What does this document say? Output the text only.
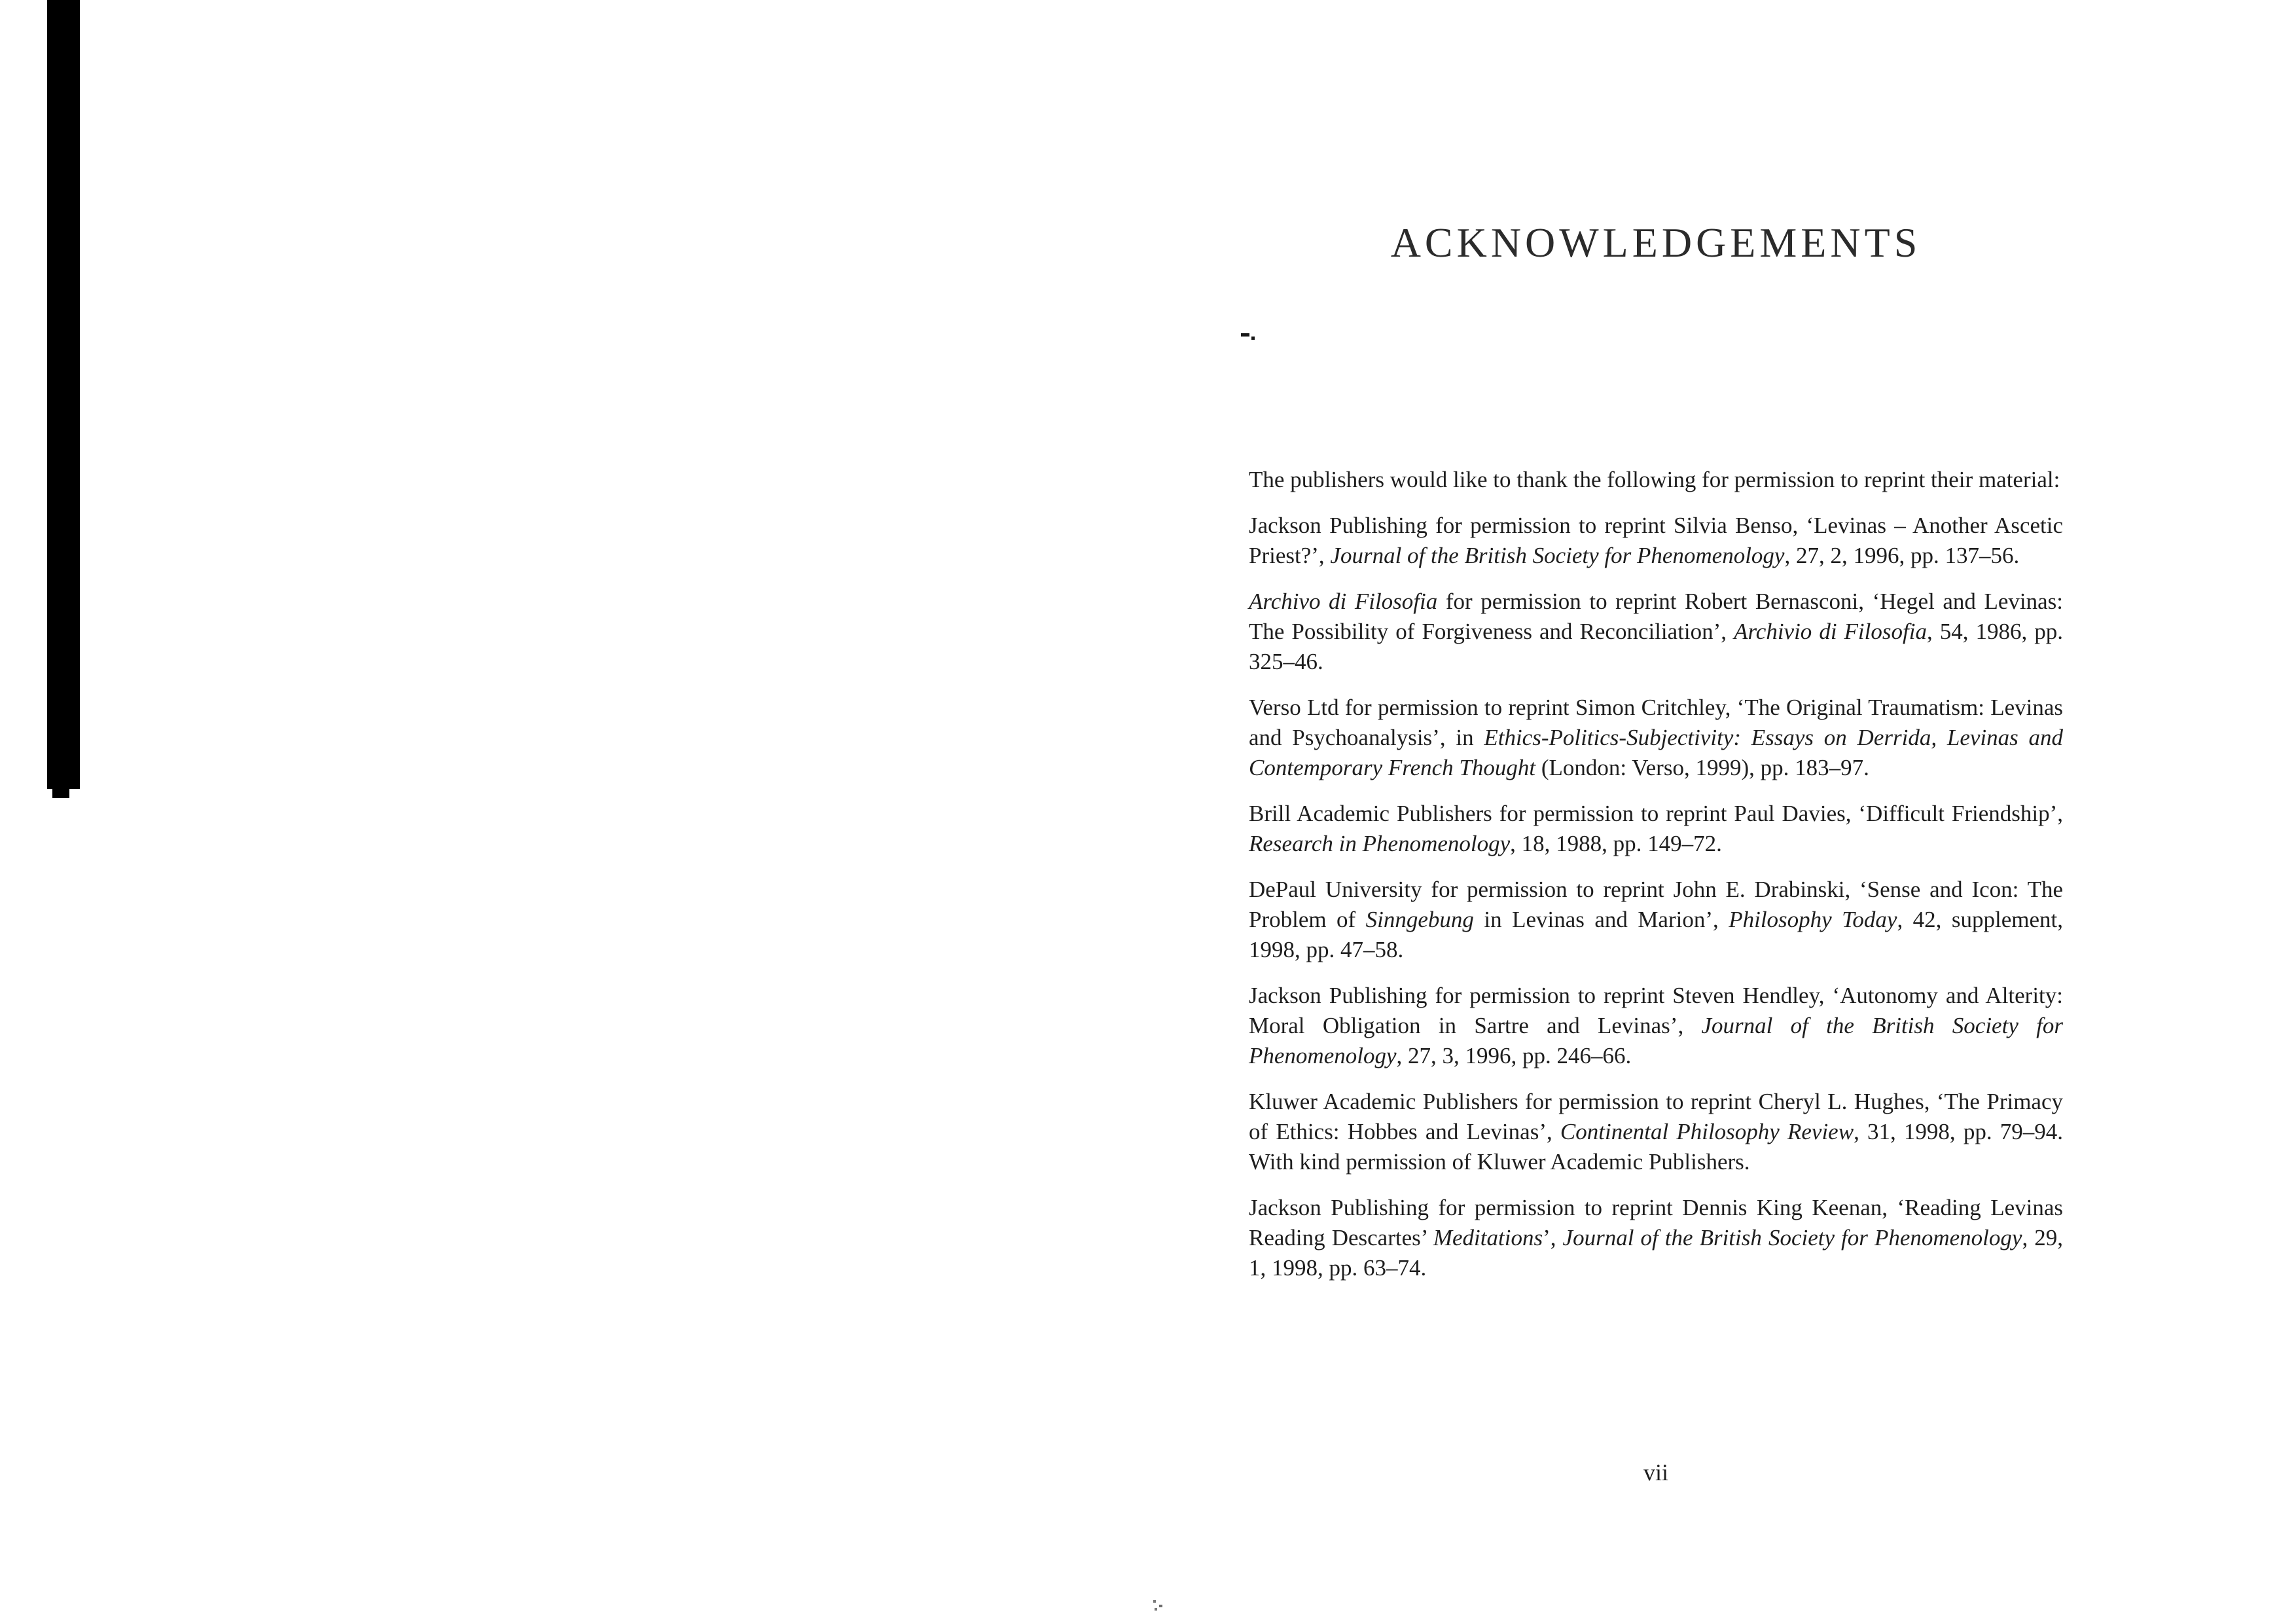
ACKNOWLEDGEMENTS

The publishers would like to thank the following for permission to reprint their material:

Jackson Publishing for permission to reprint Silvia Benso, ‘Levinas – Another Ascetic Priest?’, Journal of the British Society for Phenomenology, 27, 2, 1996, pp. 137–56.

Archivo di Filosofia for permission to reprint Robert Bernasconi, ‘Hegel and Levinas: The Possibility of Forgiveness and Reconciliation’, Archivio di Filosofia, 54, 1986, pp. 325–46.

Verso Ltd for permission to reprint Simon Critchley, ‘The Original Traumatism: Levinas and Psychoanalysis’, in Ethics-Politics-Subjectivity: Essays on Derrida, Levinas and Contemporary French Thought (London: Verso, 1999), pp. 183–97.

Brill Academic Publishers for permission to reprint Paul Davies, ‘Difficult Friendship’, Research in Phenomenology, 18, 1988, pp. 149–72.

DePaul University for permission to reprint John E. Drabinski, ‘Sense and Icon: The Problem of Sinngebung in Levinas and Marion’, Philosophy Today, 42, supplement, 1998, pp. 47–58.

Jackson Publishing for permission to reprint Steven Hendley, ‘Autonomy and Alterity: Moral Obligation in Sartre and Levinas’, Journal of the British Society for Phenomenology, 27, 3, 1996, pp. 246–66.

Kluwer Academic Publishers for permission to reprint Cheryl L. Hughes, ‘The Primacy of Ethics: Hobbes and Levinas’, Continental Philosophy Review, 31, 1998, pp. 79–94. With kind permission of Kluwer Academic Publishers.

Jackson Publishing for permission to reprint Dennis King Keenan, ‘Reading Levinas Reading Descartes’ Meditations’, Journal of the British Society for Phenomenology, 29, 1, 1998, pp. 63–74.

vii
